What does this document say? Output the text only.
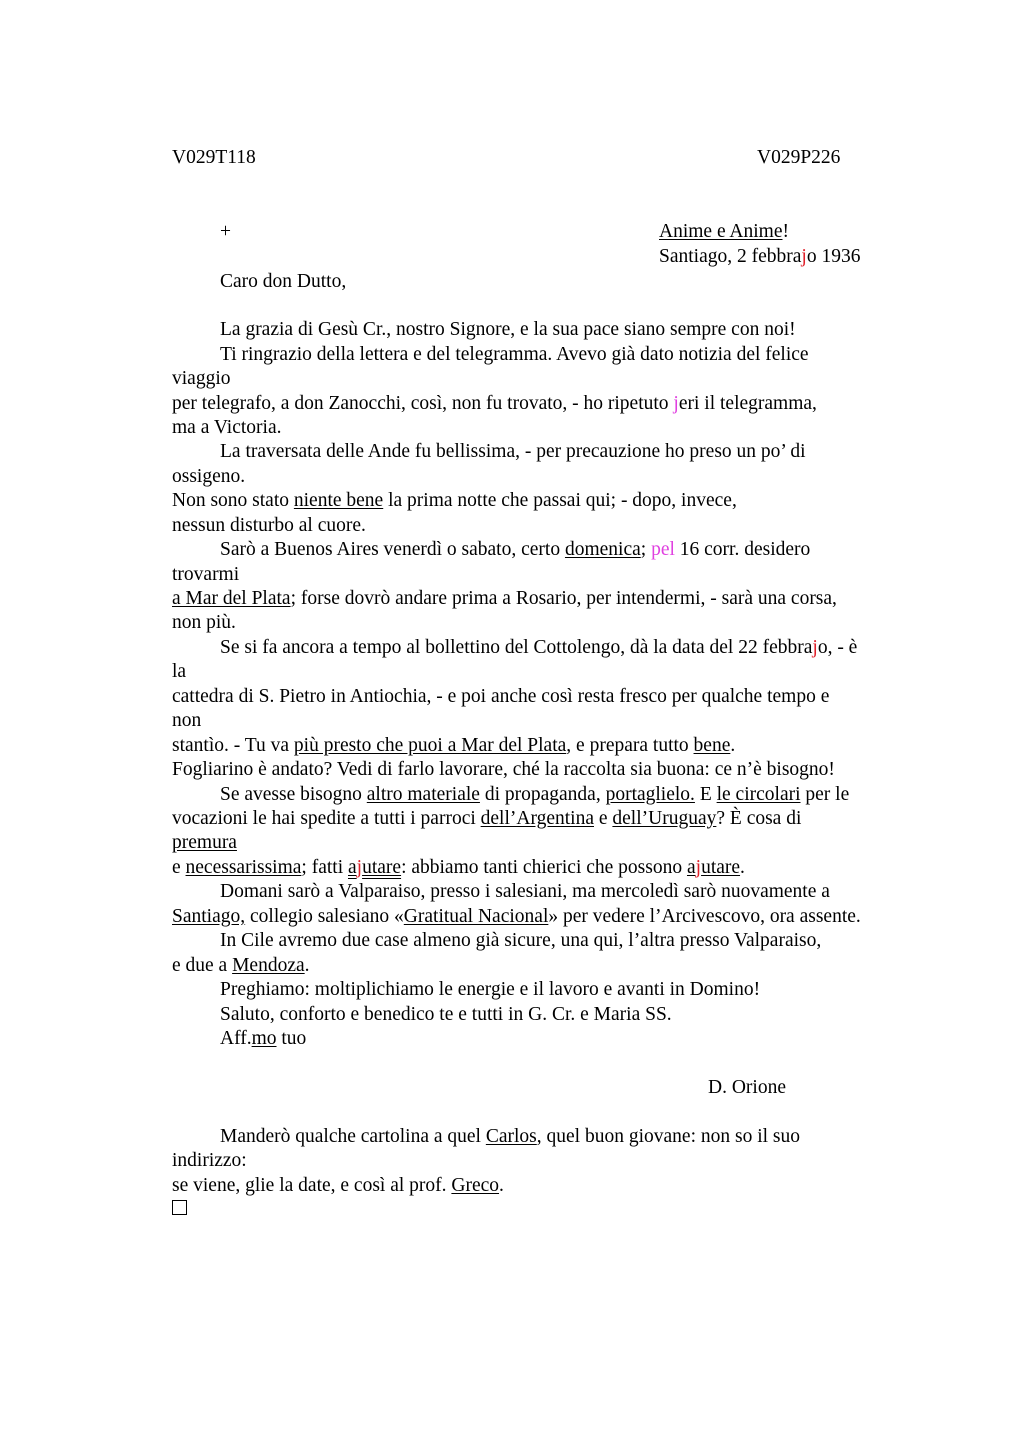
V029T118	V029P226
+	Anime e Anime!
Santiago, 2 febbrajo 1936
Caro don Dutto,
La grazia di Gesù Cr., nostro Signore, e la sua pace siano sempre con noi!
Ti ringrazio della lettera e del telegramma. Avevo già dato notizia del felice
viaggio
per telegrafo, a don Zanocchi, così, non fu trovato, - ho ripetuto jeri il telegramma,
ma a Victoria.
La traversata delle Ande fu bellissima, - per precauzione ho preso un po’ di
ossigeno.
Non sono stato niente bene la prima notte che passai qui; - dopo, invece,
nessun disturbo al cuore.
Sarò a Buenos Aires venerdì o sabato, certo domenica; pel 16 corr. desidero
trovarmi
a Mar del Plata; forse dovrò andare prima a Rosario, per intendermi, - sarà una corsa,
non più.
Se si fa ancora a tempo al bollettino del Cottolengo, dà la data del 22 febbrajo, - è
la
cattedra di S. Pietro in Antiochia, - e poi anche così resta fresco per qualche tempo e
non
stantìo. - Tu va più presto che puoi a Mar del Plata, e prepara tutto bene.
Fogliarino è andato? Vedi di farlo lavorare, ché la raccolta sia buona: ce n’è bisogno!
Se avesse bisogno altro materiale di propaganda, portaglielo. E le circolari per le
vocazioni le hai spedite a tutti i parroci dell’Argentina e dell’Uruguay? È cosa di
premura
e necessarissima; fatti ajutare: abbiamo tanti chierici che possono ajutare.
Domani sarò a Valparaiso, presso i salesiani, ma mercoledì sarò nuovamente a
Santiago, collegio salesiano «Gratitual Nacional» per vedere l’Arcivescovo, ora assente.
In Cile avremo due case almeno già sicure, una qui, l’altra presso Valparaiso,
e due a Mendoza.
Preghiamo: moltiplichiamo le energie e il lavoro e avanti in Domino!
Saluto, conforto e benedico te e tutti in G. Cr. e Maria SS.
Aff.mo tuo
D. Orione
Manderò qualche cartolina a quel Carlos, quel buon giovane: non so il suo
indirizzo:
se viene, glie la date, e così al prof. Greco.
